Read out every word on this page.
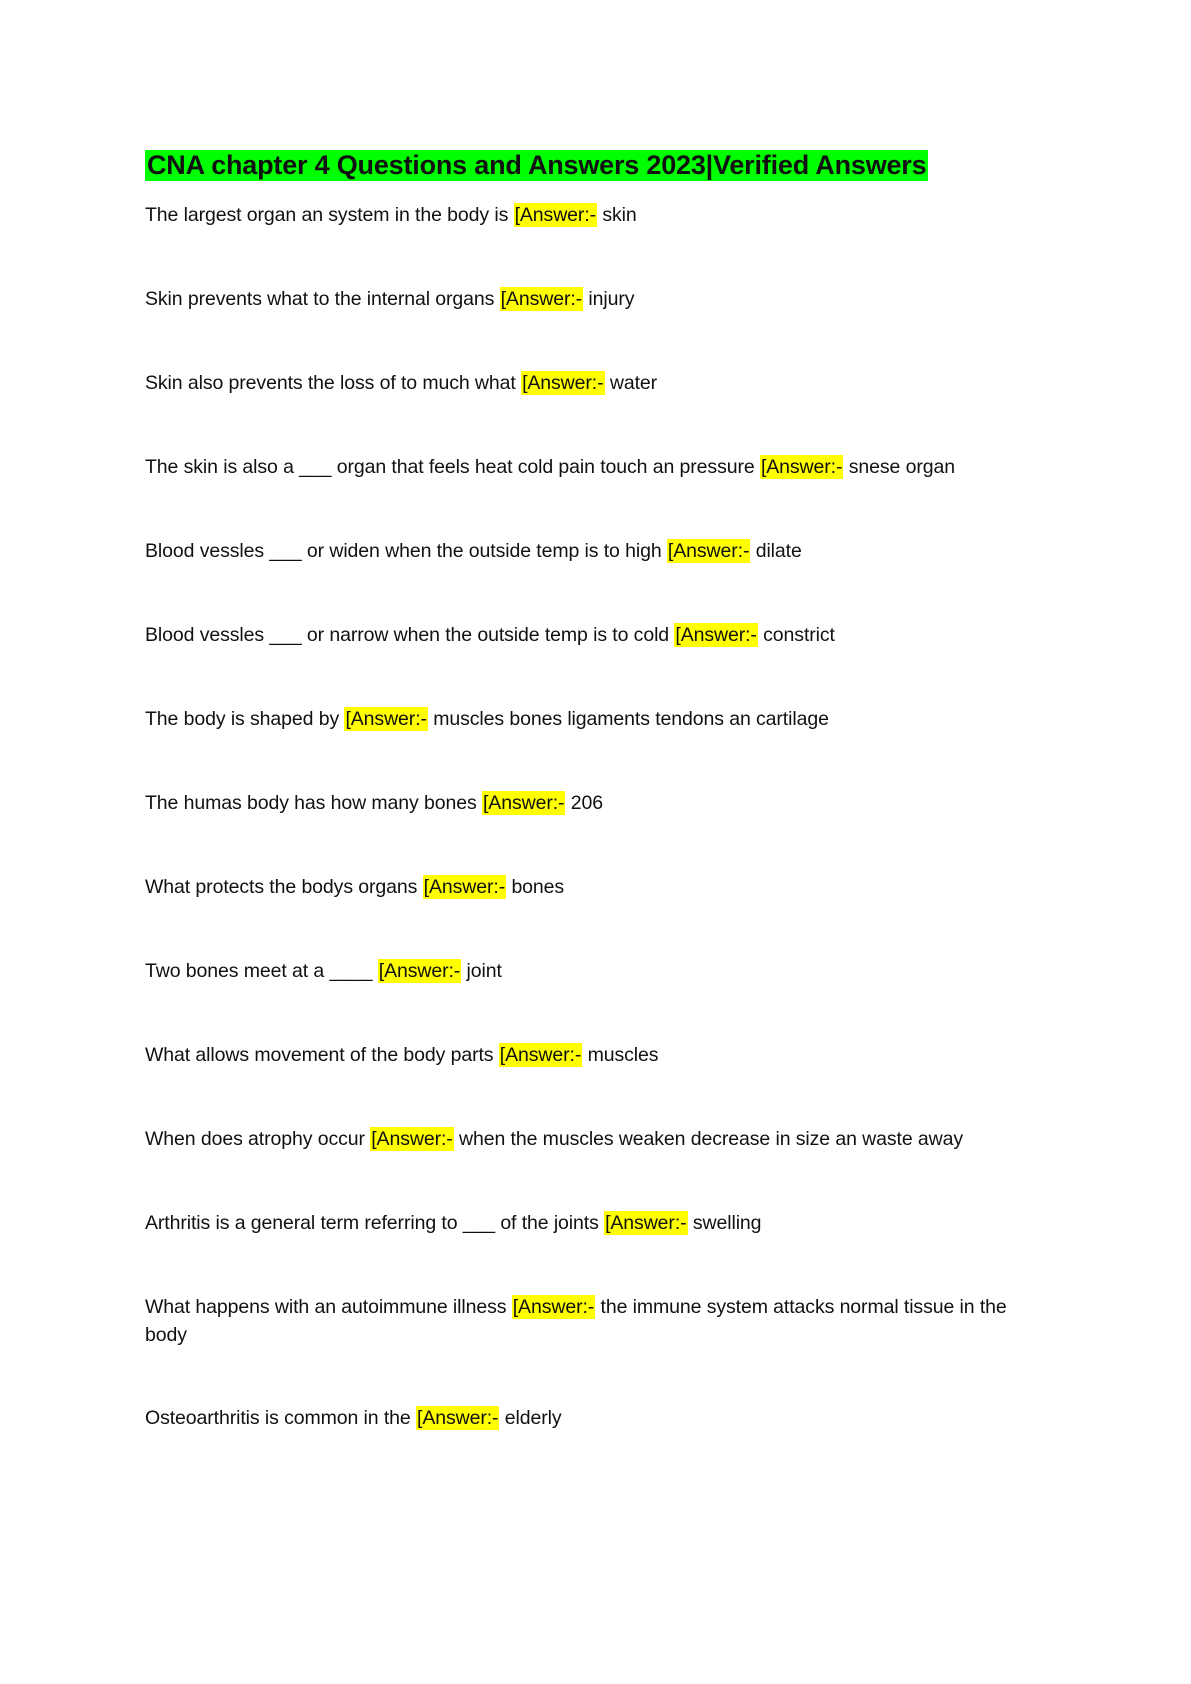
CNA chapter 4 Questions and Answers 2023|Verified Answers
The largest organ an system in the body is [Answer:- skin
Skin prevents what to the internal organs [Answer:- injury
Skin also prevents the loss of to much what [Answer:- water
The skin is also a ___ organ that feels heat cold pain touch an pressure [Answer:- snese organ
Blood vessles ___ or widen when the outside temp is to high [Answer:- dilate
Blood vessles ___ or narrow when the outside temp is to cold [Answer:- constrict
The body is shaped by [Answer:- muscles bones ligaments tendons an cartilage
The humas body has how many bones [Answer:- 206
What protects the bodys organs [Answer:- bones
Two bones meet at a ____ [Answer:- joint
What allows movement of the body parts [Answer:- muscles
When does atrophy occur [Answer:- when the muscles weaken decrease in size an waste away
Arthritis is a general term referring to ___ of the joints [Answer:- swelling
What happens with an autoimmune illness [Answer:- the immune system attacks normal tissue in the body
Osteoarthritis is common in the [Answer:- elderly
